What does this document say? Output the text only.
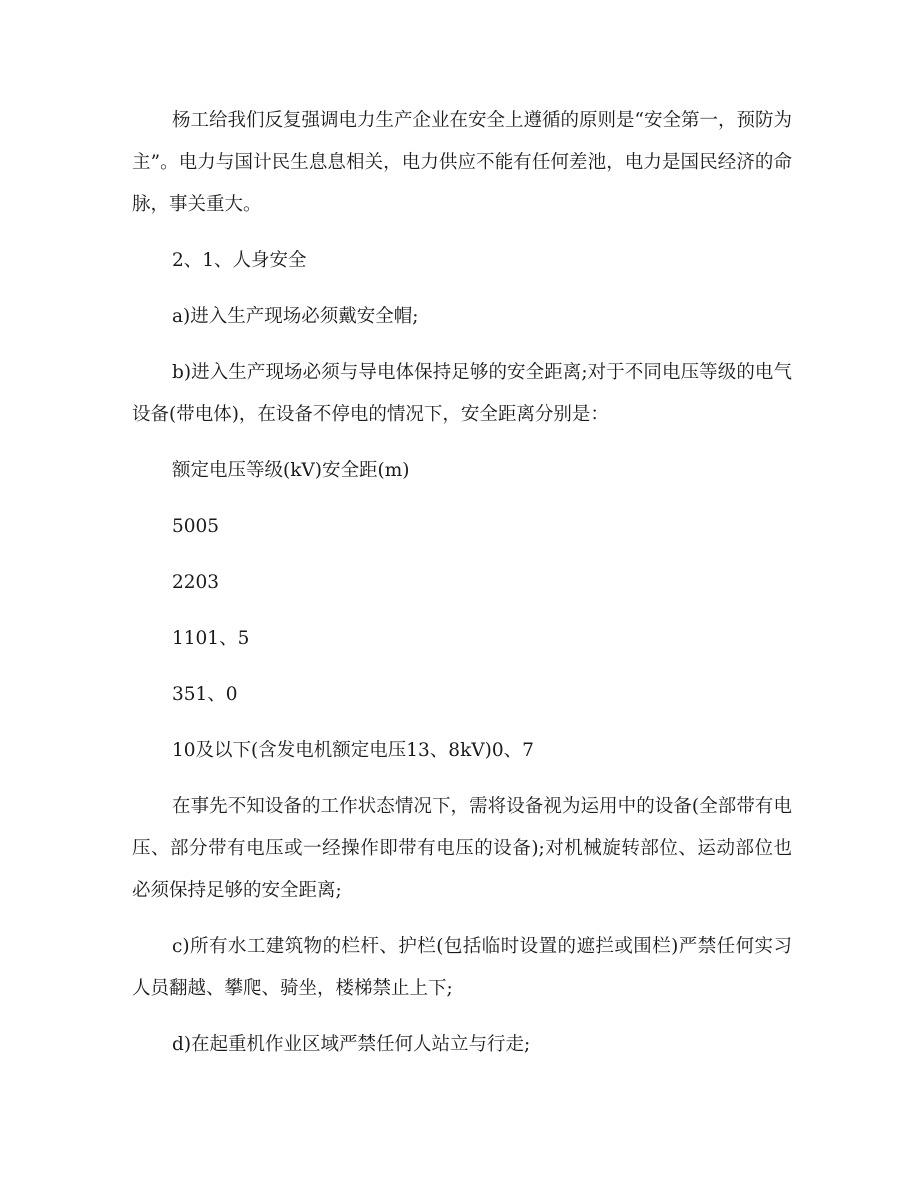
杨工给我们反复强调电力生产企业在安全上遵循的原则是“安全第一，预防为主”。电力与国计民生息息相关，电力供应不能有任何差池，电力是国民经济的命脉，事关重大。

2、1、人身安全

a)进入生产现场必须戴安全帽;

b)进入生产现场必须与导电体保持足够的安全距离;对于不同电压等级的电气设备(带电体)，在设备不停电的情况下，安全距离分别是：

额定电压等级(kV)安全距(m)

5005

2203

1101、5

351、0

10及以下(含发电机额定电压13、8kV)0、7

在事先不知设备的工作状态情况下，需将设备视为运用中的设备(全部带有电压、部分带有电压或一经操作即带有电压的设备);对机械旋转部位、运动部位也必须保持足够的安全距离;

c)所有水工建筑物的栏杆、护栏(包括临时设置的遮拦或围栏)严禁任何实习人员翻越、攀爬、骑坐，楼梯禁止上下;

d)在起重机作业区域严禁任何人站立与行走;
